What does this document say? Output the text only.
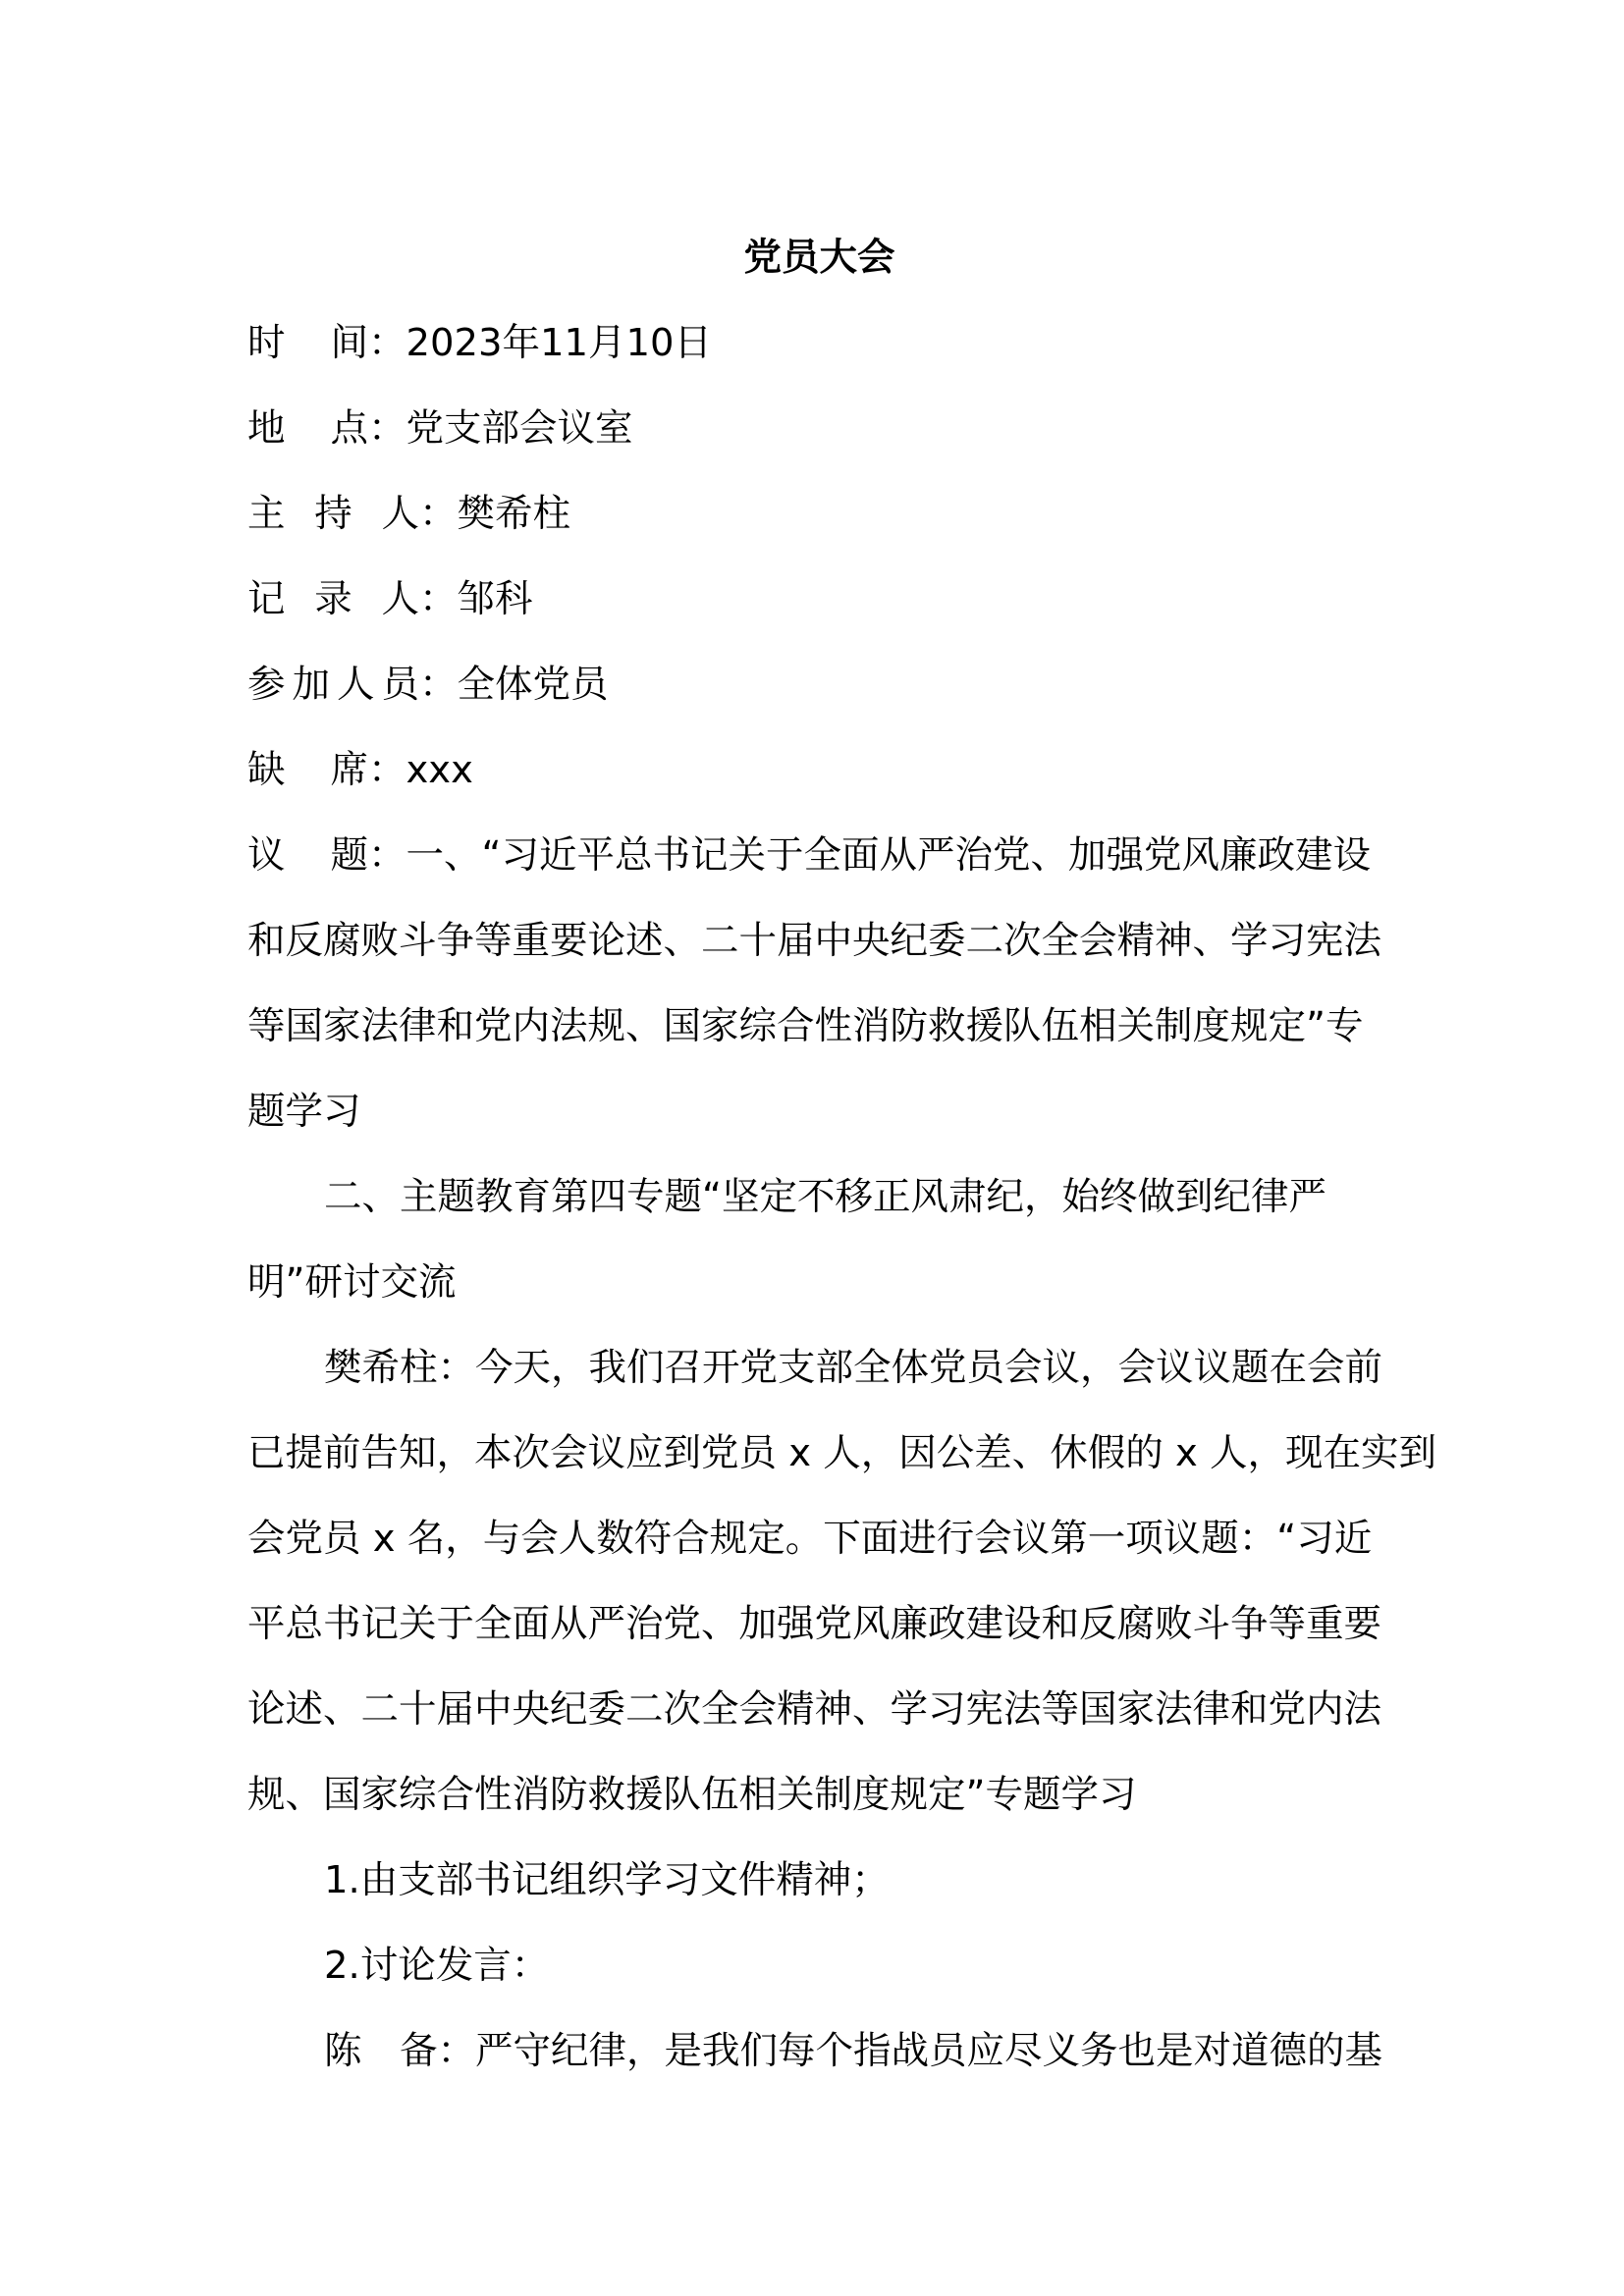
党员大会
时间：2023年11月10日
地点：党支部会议室
主持人：樊希柱
记录人：邹科
参加人员：全体党员
缺席：xxx
议题：一、“习近平总书记关于全面从严治党、加强党风廉政建设
和反腐败斗争等重要论述、二十届中央纪委二次全会精神、学习宪法
等国家法律和党内法规、国家综合性消防救援队伍相关制度规定”专
题学习
二、主题教育第四专题“坚定不移正风肃纪，始终做到纪律严
明”研讨交流
樊希柱：今天，我们召开党支部全体党员会议，会议议题在会前
已提前告知，本次会议应到党员 x 人，因公差、休假的 x 人，现在实到
会党员 x 名，与会人数符合规定。下面进行会议第一项议题：“习近
平总书记关于全面从严治党、加强党风廉政建设和反腐败斗争等重要
论述、二十届中央纪委二次全会精神、学习宪法等国家法律和党内法
规、国家综合性消防救援队伍相关制度规定”专题学习
1.由支部书记组织学习文件精神；
2.讨论发言：
陈　备：严守纪律，是我们每个指战员应尽义务也是对道德的基
